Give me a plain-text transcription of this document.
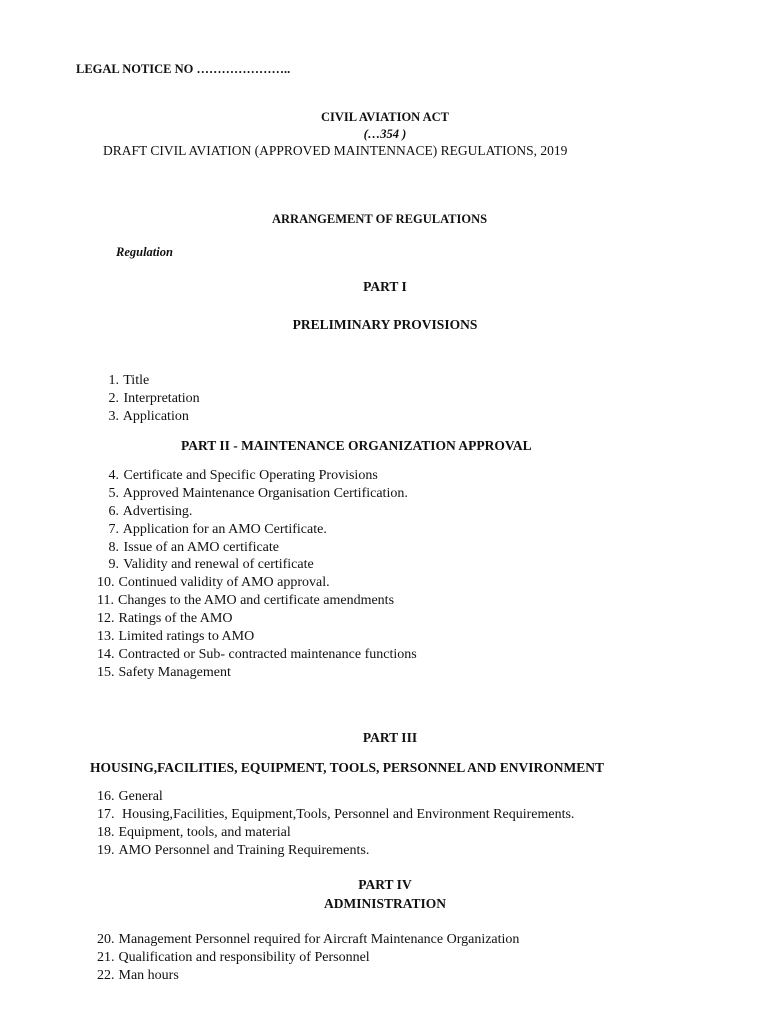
LEGAL NOTICE NO …………………..
CIVIL AVIATION ACT
(…354 )
DRAFT CIVIL AVIATION (APPROVED MAINTENNACE) REGULATIONS, 2019
ARRANGEMENT OF REGULATIONS
Regulation
PART I
PRELIMINARY PROVISIONS
1. Title
2. Interpretation
3. Application
PART II - MAINTENANCE ORGANIZATION APPROVAL
4. Certificate and Specific Operating Provisions
5. Approved Maintenance Organisation Certification.
6. Advertising.
7. Application for an AMO Certificate.
8. Issue of an AMO certificate
9. Validity and renewal of certificate
10. Continued validity of AMO approval.
11. Changes to the AMO and certificate amendments
12. Ratings of the AMO
13. Limited ratings to AMO
14. Contracted or Sub- contracted maintenance functions
15. Safety Management
PART III
HOUSING,FACILITIES, EQUIPMENT, TOOLS, PERSONNEL AND ENVIRONMENT
16. General
17. Housing,Facilities, Equipment,Tools, Personnel and Environment Requirements.
18. Equipment, tools, and material
19. AMO Personnel and Training Requirements.
PART IV
ADMINISTRATION
20. Management Personnel required for Aircraft Maintenance Organization
21. Qualification and responsibility of Personnel
22. Man hours
